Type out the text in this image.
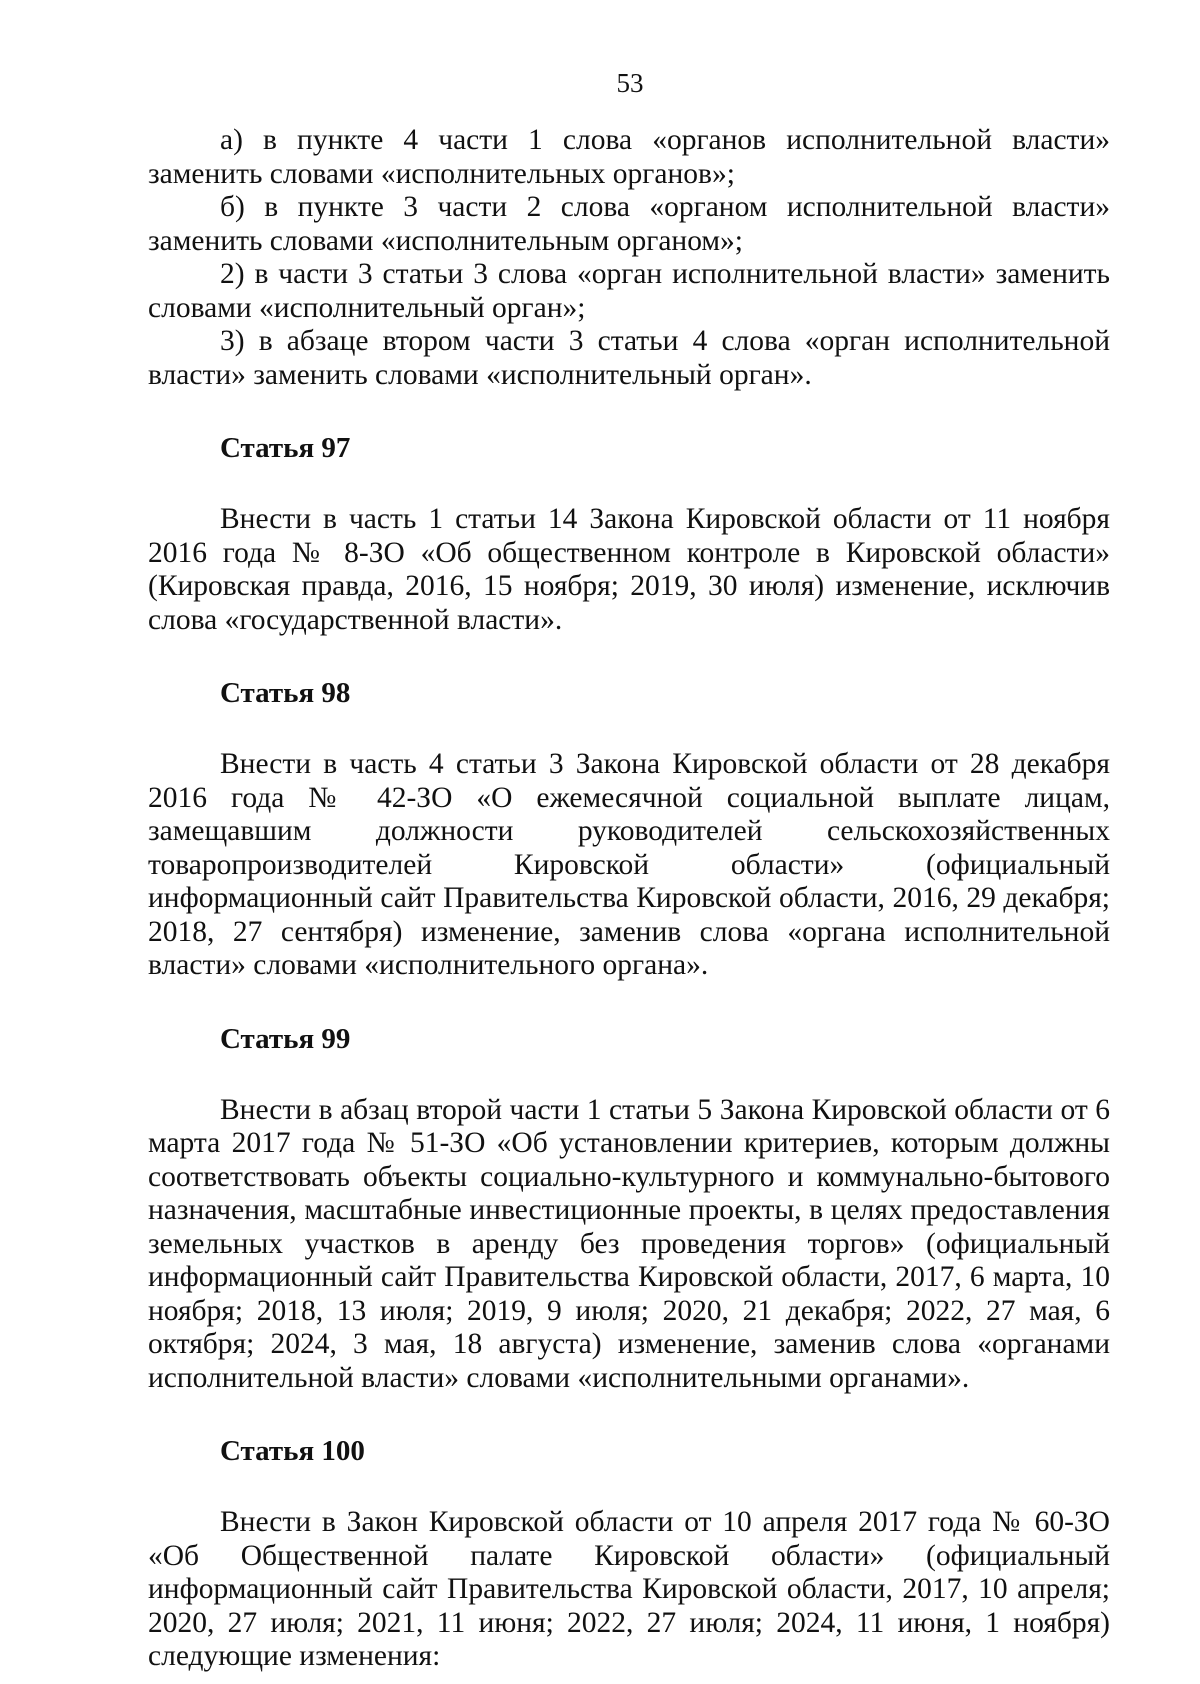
53

а) в пункте 4 части 1 слова «органов исполнительной власти» заменить словами «исполнительных органов»;

б) в пункте 3 части 2 слова «органом исполнительной власти» заменить словами «исполнительным органом»;

2) в части 3 статьи 3 слова «орган исполнительной власти» заменить словами «исполнительный орган»;

3) в абзаце втором части 3 статьи 4 слова «орган исполнительной власти» заменить словами «исполнительный орган».

Статья 97

Внести в часть 1 статьи 14 Закона Кировской области от 11 ноября 2016 года № 8-ЗО «Об общественном контроле в Кировской области» (Кировская правда, 2016, 15 ноября; 2019, 30 июля) изменение, исключив слова «государственной власти».

Статья 98

Внести в часть 4 статьи 3 Закона Кировской области от 28 декабря 2016 года № 42-ЗО «О ежемесячной социальной выплате лицам, замещавшим должности руководителей сельскохозяйственных товаропроизводителей Кировской области» (официальный информационный сайт Правительства Кировской области, 2016, 29 декабря; 2018, 27 сентября) изменение, заменив слова «органа исполнительной власти» словами «исполнительного органа».

Статья 99

Внести в абзац второй части 1 статьи 5 Закона Кировской области от 6 марта 2017 года № 51-ЗО «Об установлении критериев, которым должны соответствовать объекты социально-культурного и коммунально-бытового назначения, масштабные инвестиционные проекты, в целях предоставления земельных участков в аренду без проведения торгов» (официальный информационный сайт Правительства Кировской области, 2017, 6 марта, 10 ноября; 2018, 13 июля; 2019, 9 июля; 2020, 21 декабря; 2022, 27 мая, 6 октября; 2024, 3 мая, 18 августа) изменение, заменив слова «органами исполнительной власти» словами «исполнительными органами».

Статья 100

Внести в Закон Кировской области от 10 апреля 2017 года № 60-ЗО «Об Общественной палате Кировской области» (официальный информационный сайт Правительства Кировской области, 2017, 10 апреля; 2020, 27 июля; 2021, 11 июня; 2022, 27 июля; 2024, 11 июня, 1 ноября) следующие изменения:
